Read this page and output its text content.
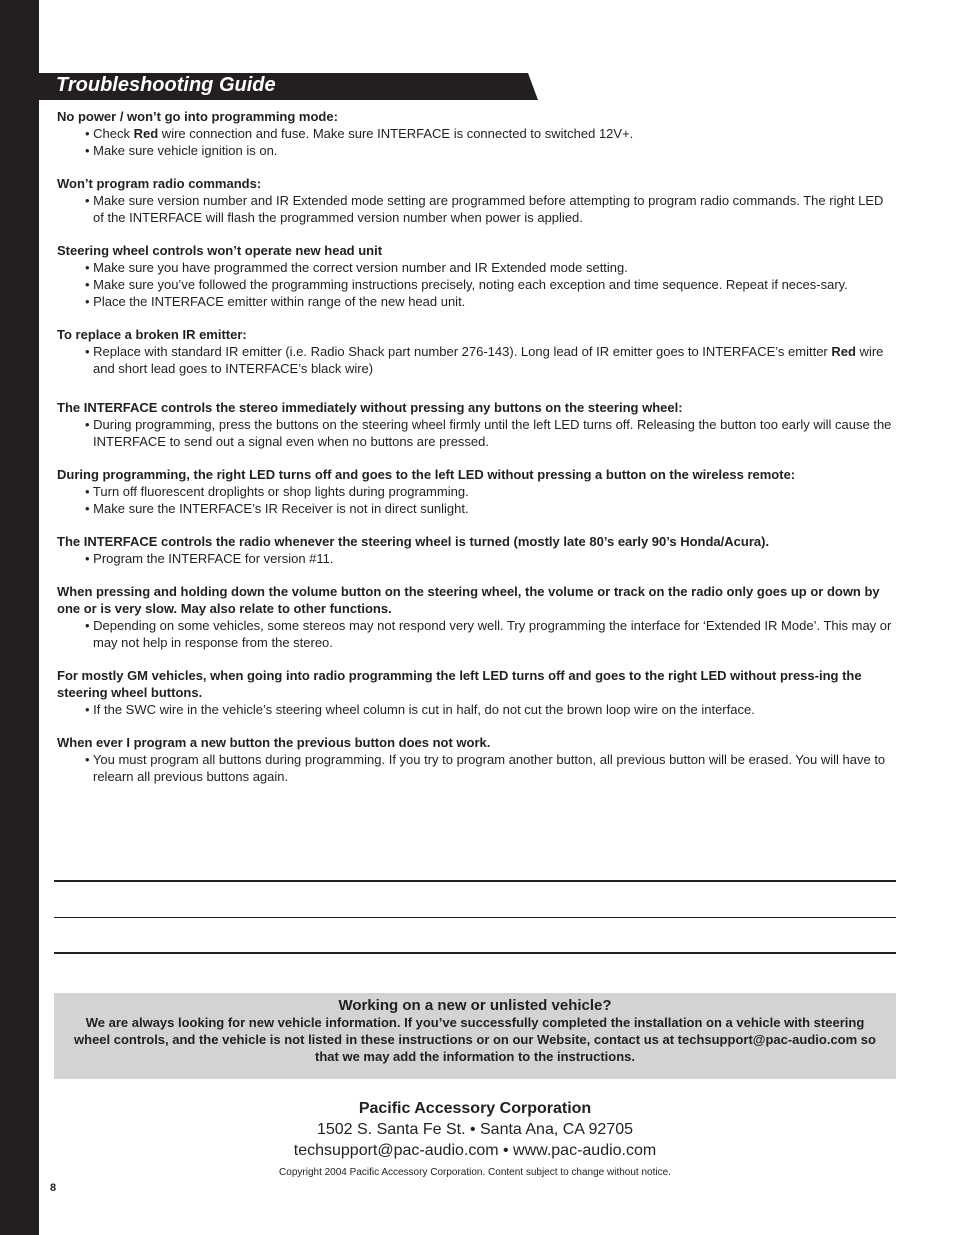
Troubleshooting Guide
No power / won’t go into programming mode:
• Check Red wire connection and fuse. Make sure INTERFACE is connected to switched 12V+.
• Make sure vehicle ignition is on.
Won’t program radio commands:
• Make sure version number and IR Extended mode setting are programmed before attempting to program radio commands. The right LED of the INTERFACE will flash the programmed version number when power is applied.
Steering wheel controls won’t operate new head unit
• Make sure you have programmed the correct version number and IR Extended mode setting.
• Make sure you’ve followed the programming instructions precisely, noting each exception and time sequence. Repeat if neces-sary.
• Place the INTERFACE emitter within range of the new head unit.
To replace a broken IR emitter:
• Replace with standard IR emitter (i.e. Radio Shack part number 276-143). Long lead of IR emitter goes to INTERFACE’s emitter Red wire and short lead goes to INTERFACE’s black wire)
The INTERFACE controls the stereo immediately without pressing any buttons on the steering wheel:
• During programming, press the buttons on the steering wheel firmly until the left LED turns off. Releasing the button too early will cause the INTERFACE to send out a signal even when no buttons are pressed.
During programming, the right LED turns off and goes to the left LED without pressing a button on the wireless remote:
• Turn off fluorescent droplights or shop lights during programming.
• Make sure the INTERFACE’s IR Receiver is not in direct sunlight.
The INTERFACE controls the radio whenever the steering wheel is turned (mostly late 80’s early 90’s Honda/Acura).
• Program the INTERFACE for version #11.
When pressing and holding down the volume button on the steering wheel, the volume or track on the radio only goes up or down by one or is very slow. May also relate to other functions.
• Depending on some vehicles, some stereos may not respond very well. Try programming the interface for ‘Extended IR Mode’. This may or may not help in response from the stereo.
For mostly GM vehicles, when going into radio programming the left LED turns off and goes to the right LED without press-ing the steering wheel buttons.
• If the SWC wire in the vehicle’s steering wheel column is cut in half, do not cut the brown loop wire on the interface.
When ever I program a new button the previous button does not work.
• You must program all buttons during programming. If you try to program another button, all previous button will be erased. You will have to relearn all previous buttons again.
Working on a new or unlisted vehicle?
We are always looking for new vehicle information. If you’ve successfully completed the installation on a vehicle with steering wheel controls, and the vehicle is not listed in these instructions or on our Website, contact us at techsupport@pac-audio.com so that we may add the information to the instructions.
Pacific Accessory Corporation
1502 S. Santa Fe St. • Santa Ana, CA 92705
techsupport@pac-audio.com • www.pac-audio.com
Copyright 2004 Pacific Accessory Corporation. Content subject to change without notice.
8
